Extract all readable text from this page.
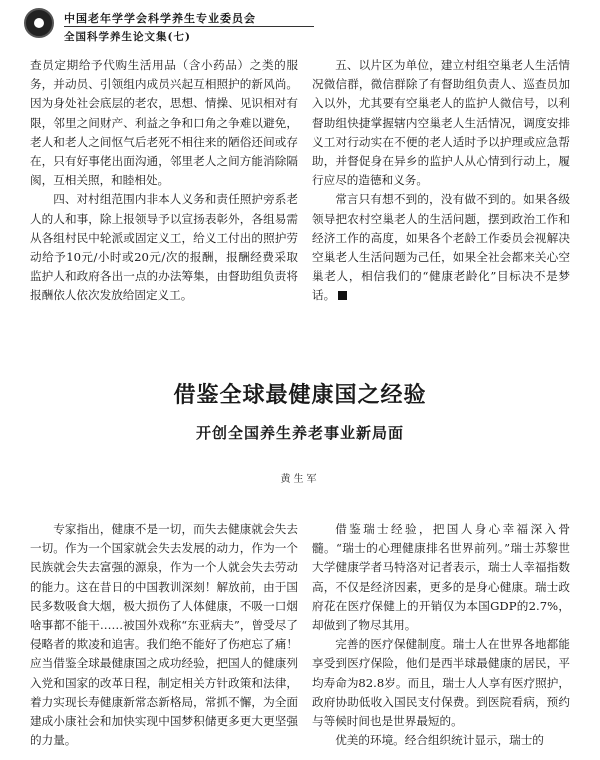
中国老年学学会科学养生专业委员会
全国科学养生论文集(七)

查员定期给予代购生活用品（含小药品）之类的服务，并动员、引领组内成员兴起互相照护的新风尚。因为身处社会底层的老农，思想、情操、见识相对有限，邻里之间财产、利益之争和口角之争难以避免，老人和老人之间怄气后老死不相往来的陋俗还间或存在，只有好事佬出面沟通，邻里老人之间方能消除隔阂，互相关照，和睦相处。

四、对村组范围内非本人义务和责任照护旁系老人的人和事，除上报领导予以宣扬表彰外，各组易需从各组村民中轮派或固定义工，给义工付出的照护劳动给予10元/小时或20元/次的报酬，报酬经费采取监护人和政府各出一点的办法筹集，由督助组负责将报酬依人依次发放给固定义工。

五、以片区为单位，建立村组空巢老人生活情况微信群，微信群除了有督助组负责人、巡查员加入以外，尤其要有空巢老人的监护人微信号，以利督助组快捷掌握辖内空巢老人生活情况，调度安排义工对行动实在不便的老人适时予以护理或应急帮助，并督促身在异乡的监护人从心情到行动上，履行应尽的造德和义务。

常言只有想不到的，没有做不到的。如果各级领导把农村空巢老人的生活问题，摆到政治工作和经济工作的高度，如果各个老龄工作委员会视解决空巢老人生活问题为己任，如果全社会都来关心空巢老人，相信我们的“健康老龄化”目标决不是梦话。

借鉴全球最健康国之经验
开创全国养生养老事业新局面
黄生军

专家指出，健康不是一切，而失去健康就会失去一切。作为一个国家就会失去发展的动力，作为一个民族就会失去富强的源泉，作为一个人就会失去劳动的能力。这在昔日的中国教训深刻！解放前，由于国民多数吸食大烟，极大损伤了人体健康，不吸一口烟啥事都不能干……被国外戏称“东亚病夫”，曾受尽了侵略者的欺凌和追害。我们绝不能好了伤疤忘了痛！应当借鉴全球最健康国之成功经验，把国人的健康列入党和国家的改革日程，制定相关方针政策和法律，着力实现长寿健康新常态新格局，常抓不懈，为全面建成小康社会和加快实现中国梦积储更多更大更坚强的力量。

借鉴瑞士经验，把国人身心幸福深入骨髓。“瑞士的心理健康排名世界前列。”瑞士苏黎世大学健康学者马特洛对记者表示，瑞士人幸福指数高，不仅是经济因素，更多的是身心健康。瑞士政府花在医疗保健上的开销仅为本国GDP的2.7%，却做到了物尽其用。

完善的医疗保健制度。瑞士人在世界各地都能享受到医疗保险，他们是西半球最健康的居民，平均寿命为82.8岁。而且，瑞士人人享有医疗照护，政府协助低收入国民支付保费。到医院看病，预约与等候时间也是世界最短的。

优美的环境。经合组织统计显示，瑞士的
